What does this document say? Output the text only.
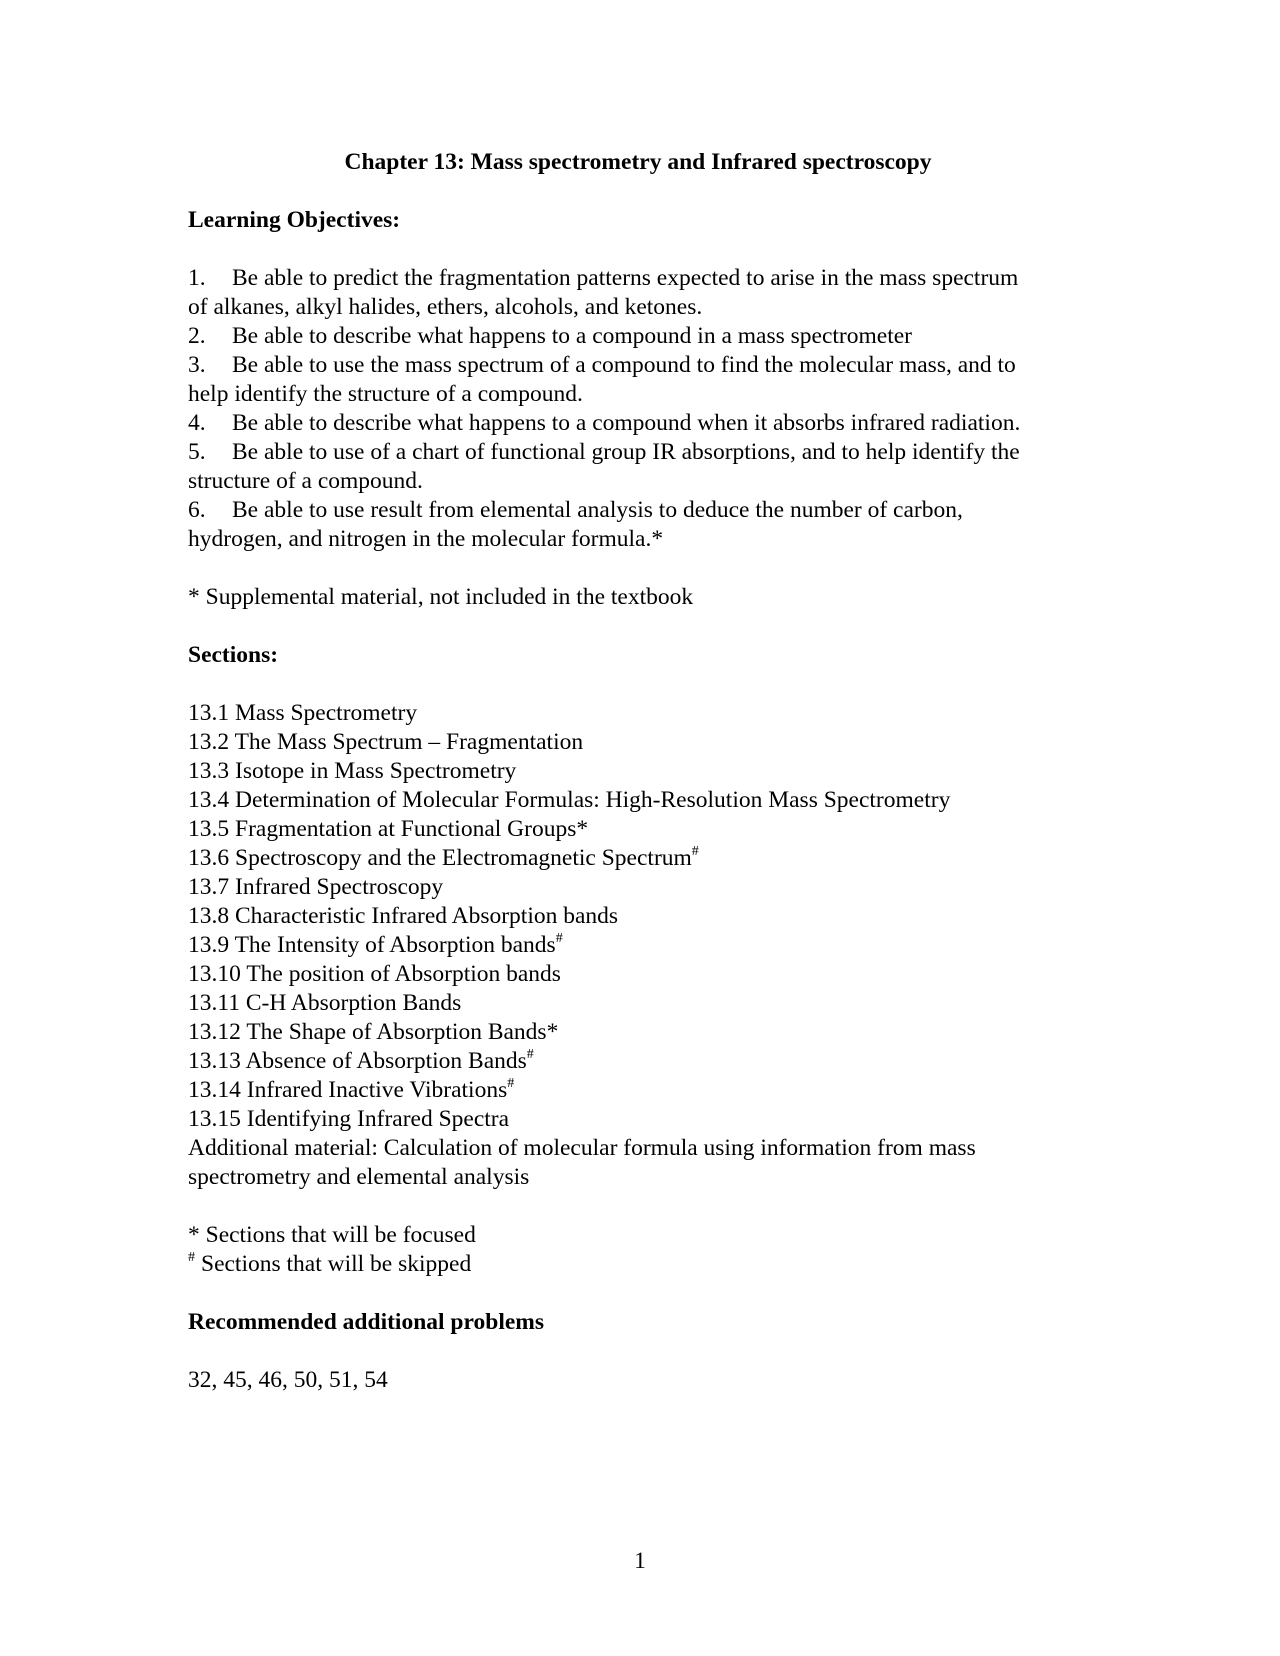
Chapter 13: Mass spectrometry and Infrared spectroscopy
Learning Objectives:
1. Be able to predict the fragmentation patterns expected to arise in the mass spectrum
of alkanes, alkyl halides, ethers, alcohols, and ketones.
2. Be able to describe what happens to a compound in a mass spectrometer
3. Be able to use the mass spectrum of a compound to find the molecular mass, and to
help identify the structure of a compound.
4. Be able to describe what happens to a compound when it absorbs infrared radiation.
5. Be able to use of a chart of functional group IR absorptions, and to help identify the
structure of a compound.
6. Be able to use result from elemental analysis to deduce the number of carbon,
hydrogen, and nitrogen in the molecular formula.*
* Supplemental material, not included in the textbook
Sections:
13.1 Mass Spectrometry
13.2 The Mass Spectrum – Fragmentation
13.3 Isotope in Mass Spectrometry
13.4 Determination of Molecular Formulas: High-Resolution Mass Spectrometry
13.5 Fragmentation at Functional Groups*
13.6 Spectroscopy and the Electromagnetic Spectrum#
13.7 Infrared Spectroscopy
13.8 Characteristic Infrared Absorption bands
13.9 The Intensity of Absorption bands#
13.10 The position of Absorption bands
13.11 C-H Absorption Bands
13.12 The Shape of Absorption Bands*
13.13 Absence of Absorption Bands#
13.14 Infrared Inactive Vibrations#
13.15 Identifying Infrared Spectra
Additional material: Calculation of molecular formula using information from mass
spectrometry and elemental analysis
* Sections that will be focused
# Sections that will be skipped
Recommended additional problems
32, 45, 46, 50, 51, 54
1
